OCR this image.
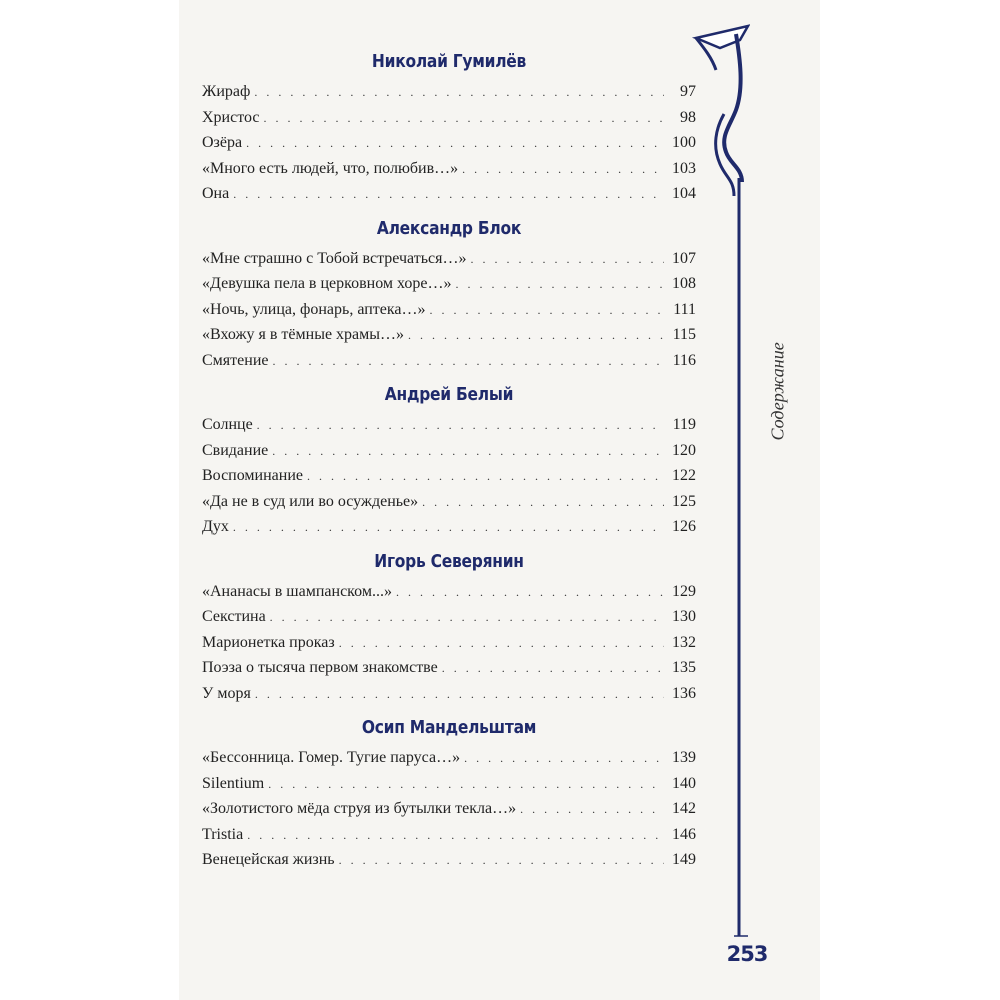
Содержание
Николай Гумилёв
Жираф . . .	97
Христос . . .	98
Озёра . . .	100
«Много есть людей, что, полюбив…» . . .	103
Она . . .	104
Александр Блок
«Мне страшно с Тобой встречаться…» . . .	107
«Девушка пела в церковном хоре…» . . .	108
«Ночь, улица, фонарь, аптека…» . . .	111
«Вхожу я в тёмные храмы…» . . .	115
Смятение . . .	116
Андрей Белый
Солнце . . .	119
Свидание . . .	120
Воспоминание . . .	122
«Да не в суд или во осужденье» . . .	125
Дух . . .	126
Игорь Северянин
«Ананасы в шампанском...» . . .	129
Секстина . . .	130
Марионетка проказ . . .	132
Поэза о тысяча первом знакомстве . . .	135
У моря . . .	136
Осип Мандельштам
«Бессонница. Гомер. Тугие паруса…» . . .	139
Silentium . . .	140
«Золотистого мёда струя из бутылки текла…» . . .	142
Tristia . . .	146
Венецейская жизнь . . .	149
253
